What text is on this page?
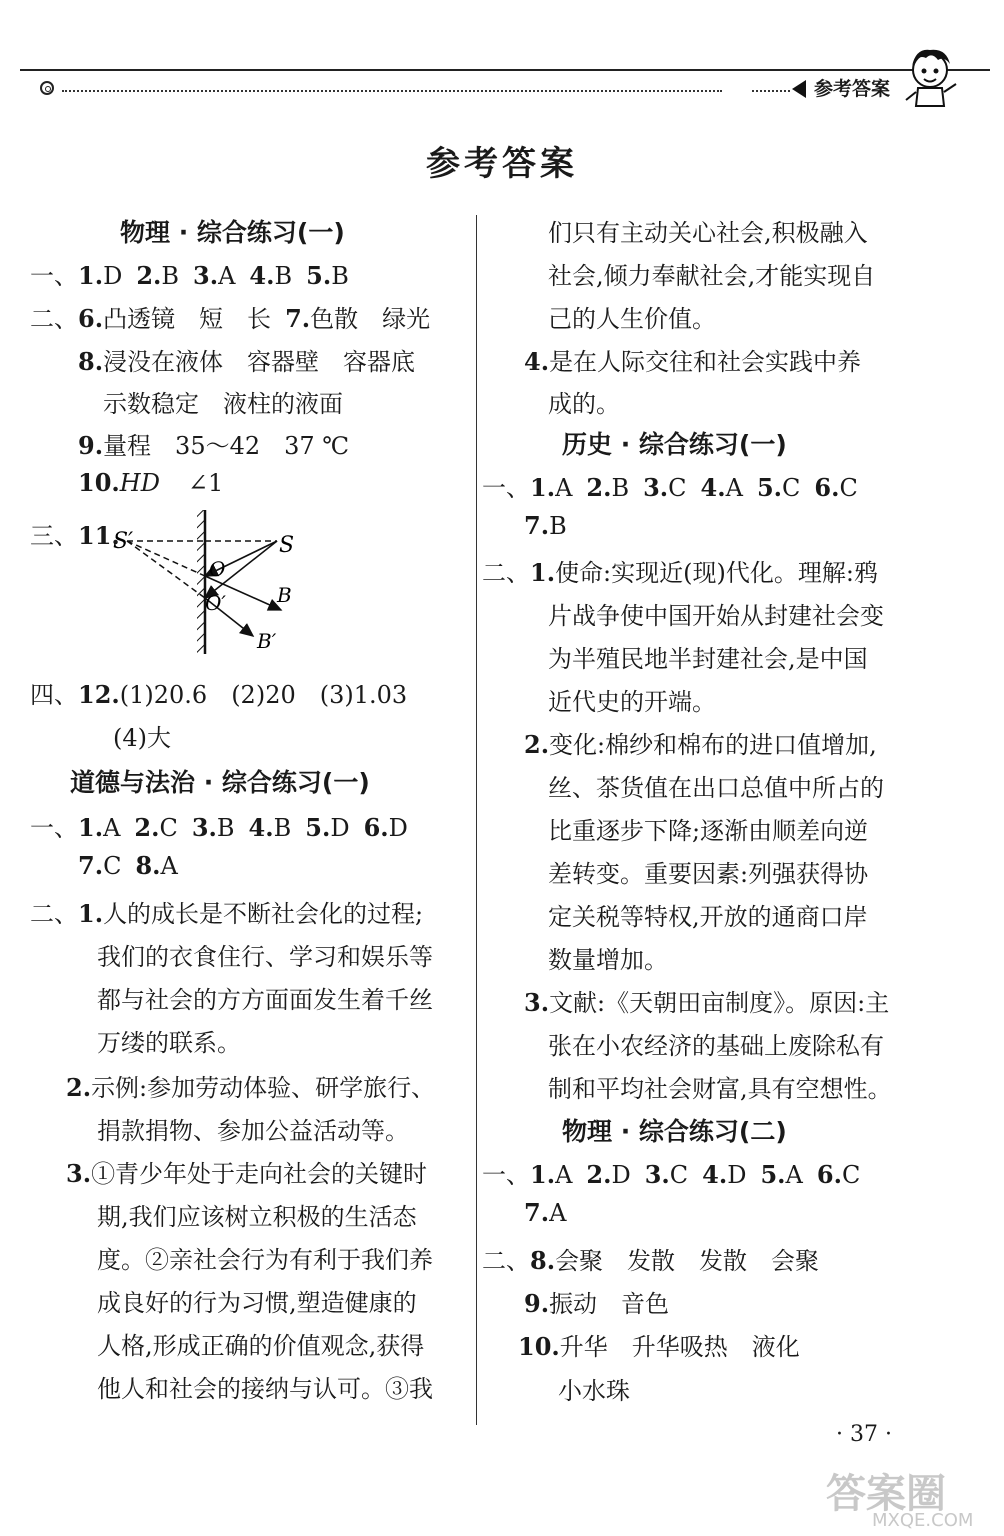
参考答案
参考答案
物理 · 综合练习(一)
一、1.D 2.B 3.A 4.B 5.B
二、6.凸透镜　短　长 7.色散　绿光
8.浸没在液体　容器壁　容器底
示数稳定　液柱的液面
9.量程　35～42　37 ℃
10.HD ∠1
三、11.
S′	S
O
O′	B
B′
四、12.(1)20.6　(2)20　(3)1.03
(4)大
道德与法治 · 综合练习(一)
一、1.A 2.C 3.B 4.B 5.D 6.D
7.C 8.A
二、1.人的成长是不断社会化的过程;
我们的衣食住行、学习和娱乐等
都与社会的方方面面发生着千丝
万缕的联系。
2.示例:参加劳动体验、研学旅行、
捐款捐物、参加公益活动等。
3.①青少年处于走向社会的关键时
期,我们应该树立积极的生活态
度。②亲社会行为有利于我们养
成良好的行为习惯,塑造健康的
人格,形成正确的价值观念,获得
他人和社会的接纳与认可。③我
们只有主动关心社会,积极融入
社会,倾力奉献社会,才能实现自
己的人生价值。
4.是在人际交往和社会实践中养
成的。
历史 · 综合练习(一)
一、1.A 2.B 3.C 4.A 5.C 6.C
7.B
二、1.使命:实现近(现)代化。理解:鸦
片战争使中国开始从封建社会变
为半殖民地半封建社会,是中国
近代史的开端。
2.变化:棉纱和棉布的进口值增加,
丝、茶货值在出口总值中所占的
比重逐步下降;逐渐由顺差向逆
差转变。重要因素:列强获得协
定关税等特权,开放的通商口岸
数量增加。
3.文献:《天朝田亩制度》。原因:主
张在小农经济的基础上废除私有
制和平均社会财富,具有空想性。
物理 · 综合练习(二)
一、1.A 2.D 3.C 4.D 5.A 6.C
7.A
二、8.会聚　发散　发散　会聚
9.振动　音色
10.升华　升华吸热　液化
小水珠
· 37 ·
答案圈
MXQE.COM
